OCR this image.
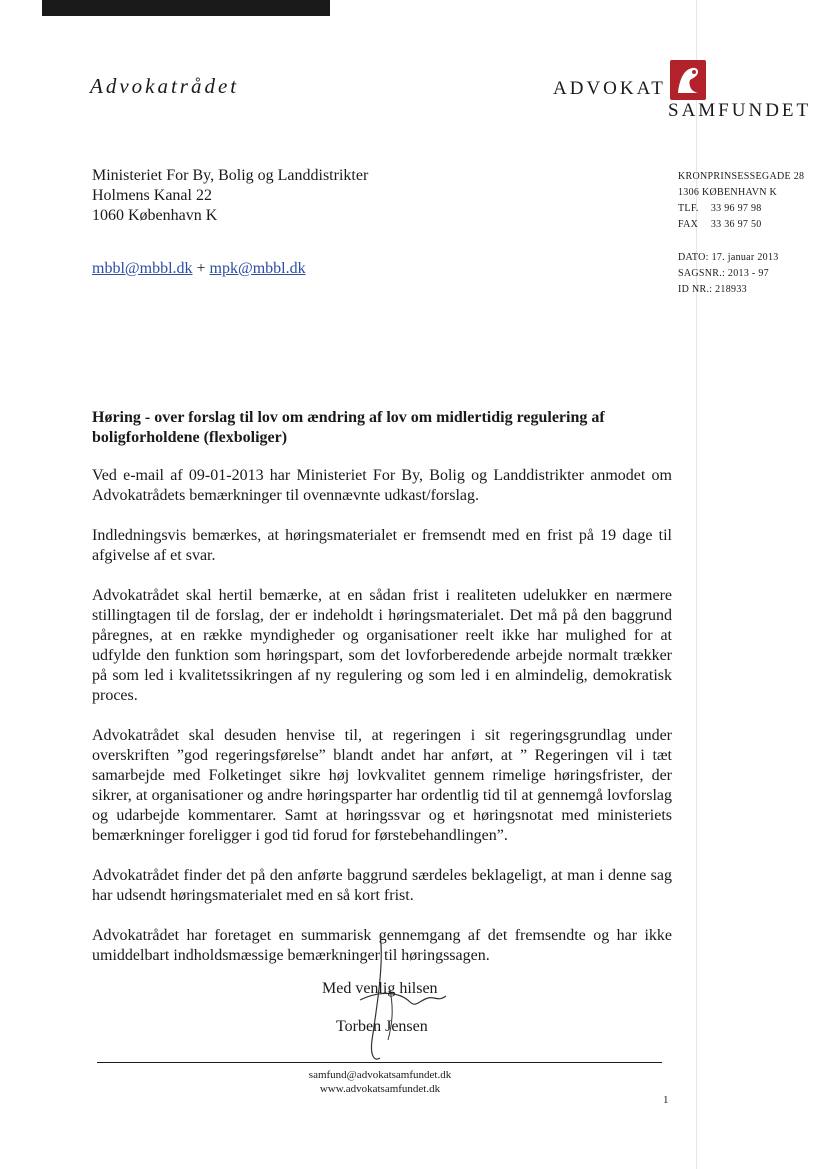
Advokatrådet	ADVOKAT
SAMFUNDET
Ministeriet For By, Bolig og Landdistrikter
Holmens Kanal 22
1060 København K
mbbl@mbbl.dk + mpk@mbbl.dk
KRONPRINSESSEGADE 28
1306 KØBENHAVN K
TLF. 33 96 97 98
FAX 33 36 97 50
DATO: 17. januar 2013
SAGSNR.: 2013 - 97
ID NR.: 218933
Høring - over forslag til lov om ændring af lov om midlertidig regulering af boligforholdene (flexboliger)

Ved e-mail af 09-01-2013 har Ministeriet For By, Bolig og Landdistrikter anmodet om Advokatrådets bemærkninger til ovennævnte udkast/forslag.

Indledningsvis bemærkes, at høringsmaterialet er fremsendt med en frist på 19 dage til afgivelse af et svar.

Advokatrådet skal hertil bemærke, at en sådan frist i realiteten udelukker en nærmere stillingtagen til de forslag, der er indeholdt i høringsmaterialet. Det må på den baggrund påregnes, at en række myndigheder og organisationer reelt ikke har mulighed for at udfylde den funktion som høringspart, som det lovforberedende arbejde normalt trækker på som led i kvalitetssikringen af ny regulering og som led i en almindelig, demokratisk proces.

Advokatrådet skal desuden henvise til, at regeringen i sit regeringsgrundlag under overskriften ”god regeringsførelse” blandt andet har anført, at ” Regeringen vil i tæt samarbejde med Folketinget sikre høj lovkvalitet gennem rimelige høringsfrister, der sikrer, at organisationer og andre høringsparter har ordentlig tid til at gennemgå lovforslag og udarbejde kommentarer. Samt at høringssvar og et høringsnotat med ministeriets bemærkninger foreligger i god tid forud for førstebehandlingen”.

Advokatrådet finder det på den anførte baggrund særdeles beklageligt, at man i denne sag har udsendt høringsmaterialet med en så kort frist.

Advokatrådet har foretaget en summarisk gennemgang af det fremsendte og har ikke umiddelbart indholdsmæssige bemærkninger til høringssagen.

Med venlig hilsen
Torben Jensen
samfund@advokatsamfundet.dk
www.advokatsamfundet.dk
1
